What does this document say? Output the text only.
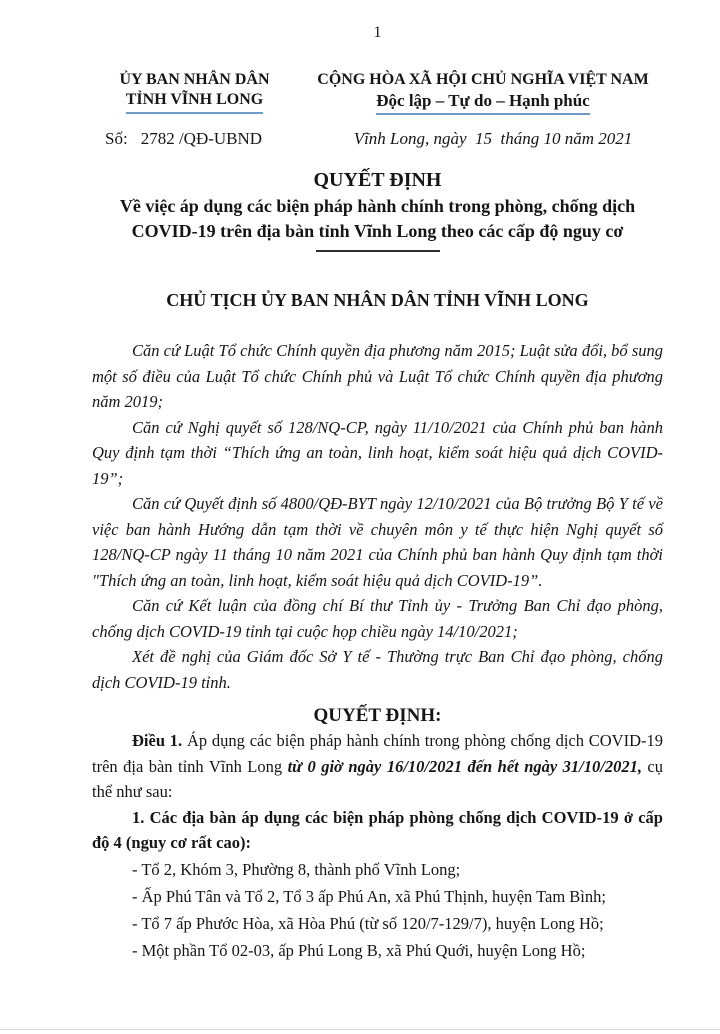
1
ỦY BAN NHÂN DÂN
TỈNH VĨNH LONG
CỘNG HÒA XÃ HỘI CHỦ NGHĨA VIỆT NAM
Độc lập – Tự do – Hạnh phúc
Số: 2782 /QĐ-UBND	Vĩnh Long, ngày  15  tháng 10 năm 2021
QUYẾT ĐỊNH
Về việc áp dụng các biện pháp hành chính trong phòng, chống dịch
COVID-19 trên địa bàn tỉnh Vĩnh Long theo các cấp độ nguy cơ
CHỦ TỊCH ỦY BAN NHÂN DÂN TỈNH VĨNH LONG

Căn cứ Luật Tổ chức Chính quyền địa phương năm 2015; Luật sửa đổi, bổ sung một số điều của Luật Tổ chức Chính phủ và Luật Tổ chức Chính quyền địa phương năm 2019;

Căn cứ Nghị quyết số 128/NQ-CP, ngày 11/10/2021 của Chính phủ ban hành Quy định tạm thời “Thích ứng an toàn, linh hoạt, kiểm soát hiệu quả dịch COVID-19”;

Căn cứ Quyết định số 4800/QĐ-BYT ngày 12/10/2021 của Bộ trưởng Bộ Y tế về việc ban hành Hướng dẫn tạm thời về chuyên môn y tế thực hiện Nghị quyết số 128/NQ-CP ngày 11 tháng 10 năm 2021 của Chính phủ ban hành Quy định tạm thời "Thích ứng an toàn, linh hoạt, kiểm soát hiệu quả dịch COVID-19”.

Căn cứ Kết luận của đồng chí Bí thư Tỉnh ủy - Trưởng Ban Chỉ đạo phòng, chống dịch COVID-19 tỉnh tại cuộc họp chiều ngày 14/10/2021;

Xét đề nghị của Giám đốc Sở Y tế - Thường trực Ban Chỉ đạo phòng, chống dịch COVID-19 tỉnh.

QUYẾT ĐỊNH:

Điều 1. Áp dụng các biện pháp hành chính trong phòng chống dịch COVID-19 trên địa bàn tỉnh Vĩnh Long từ 0 giờ ngày 16/10/2021 đến hết ngày 31/10/2021, cụ thể như sau:

1. Các địa bàn áp dụng các biện pháp phòng chống dịch COVID-19 ở cấp độ 4 (nguy cơ rất cao):

- Tổ 2, Khóm 3, Phường 8, thành phố Vĩnh Long;
- Ấp Phú Tân và Tổ 2, Tổ 3 ấp Phú An, xã Phú Thịnh, huyện Tam Bình;
- Tổ 7 ấp Phước Hòa, xã Hòa Phú (từ số 120/7-129/7), huyện Long Hồ;
- Một phần Tổ 02-03, ấp Phú Long B, xã Phú Quới, huyện Long Hồ;
